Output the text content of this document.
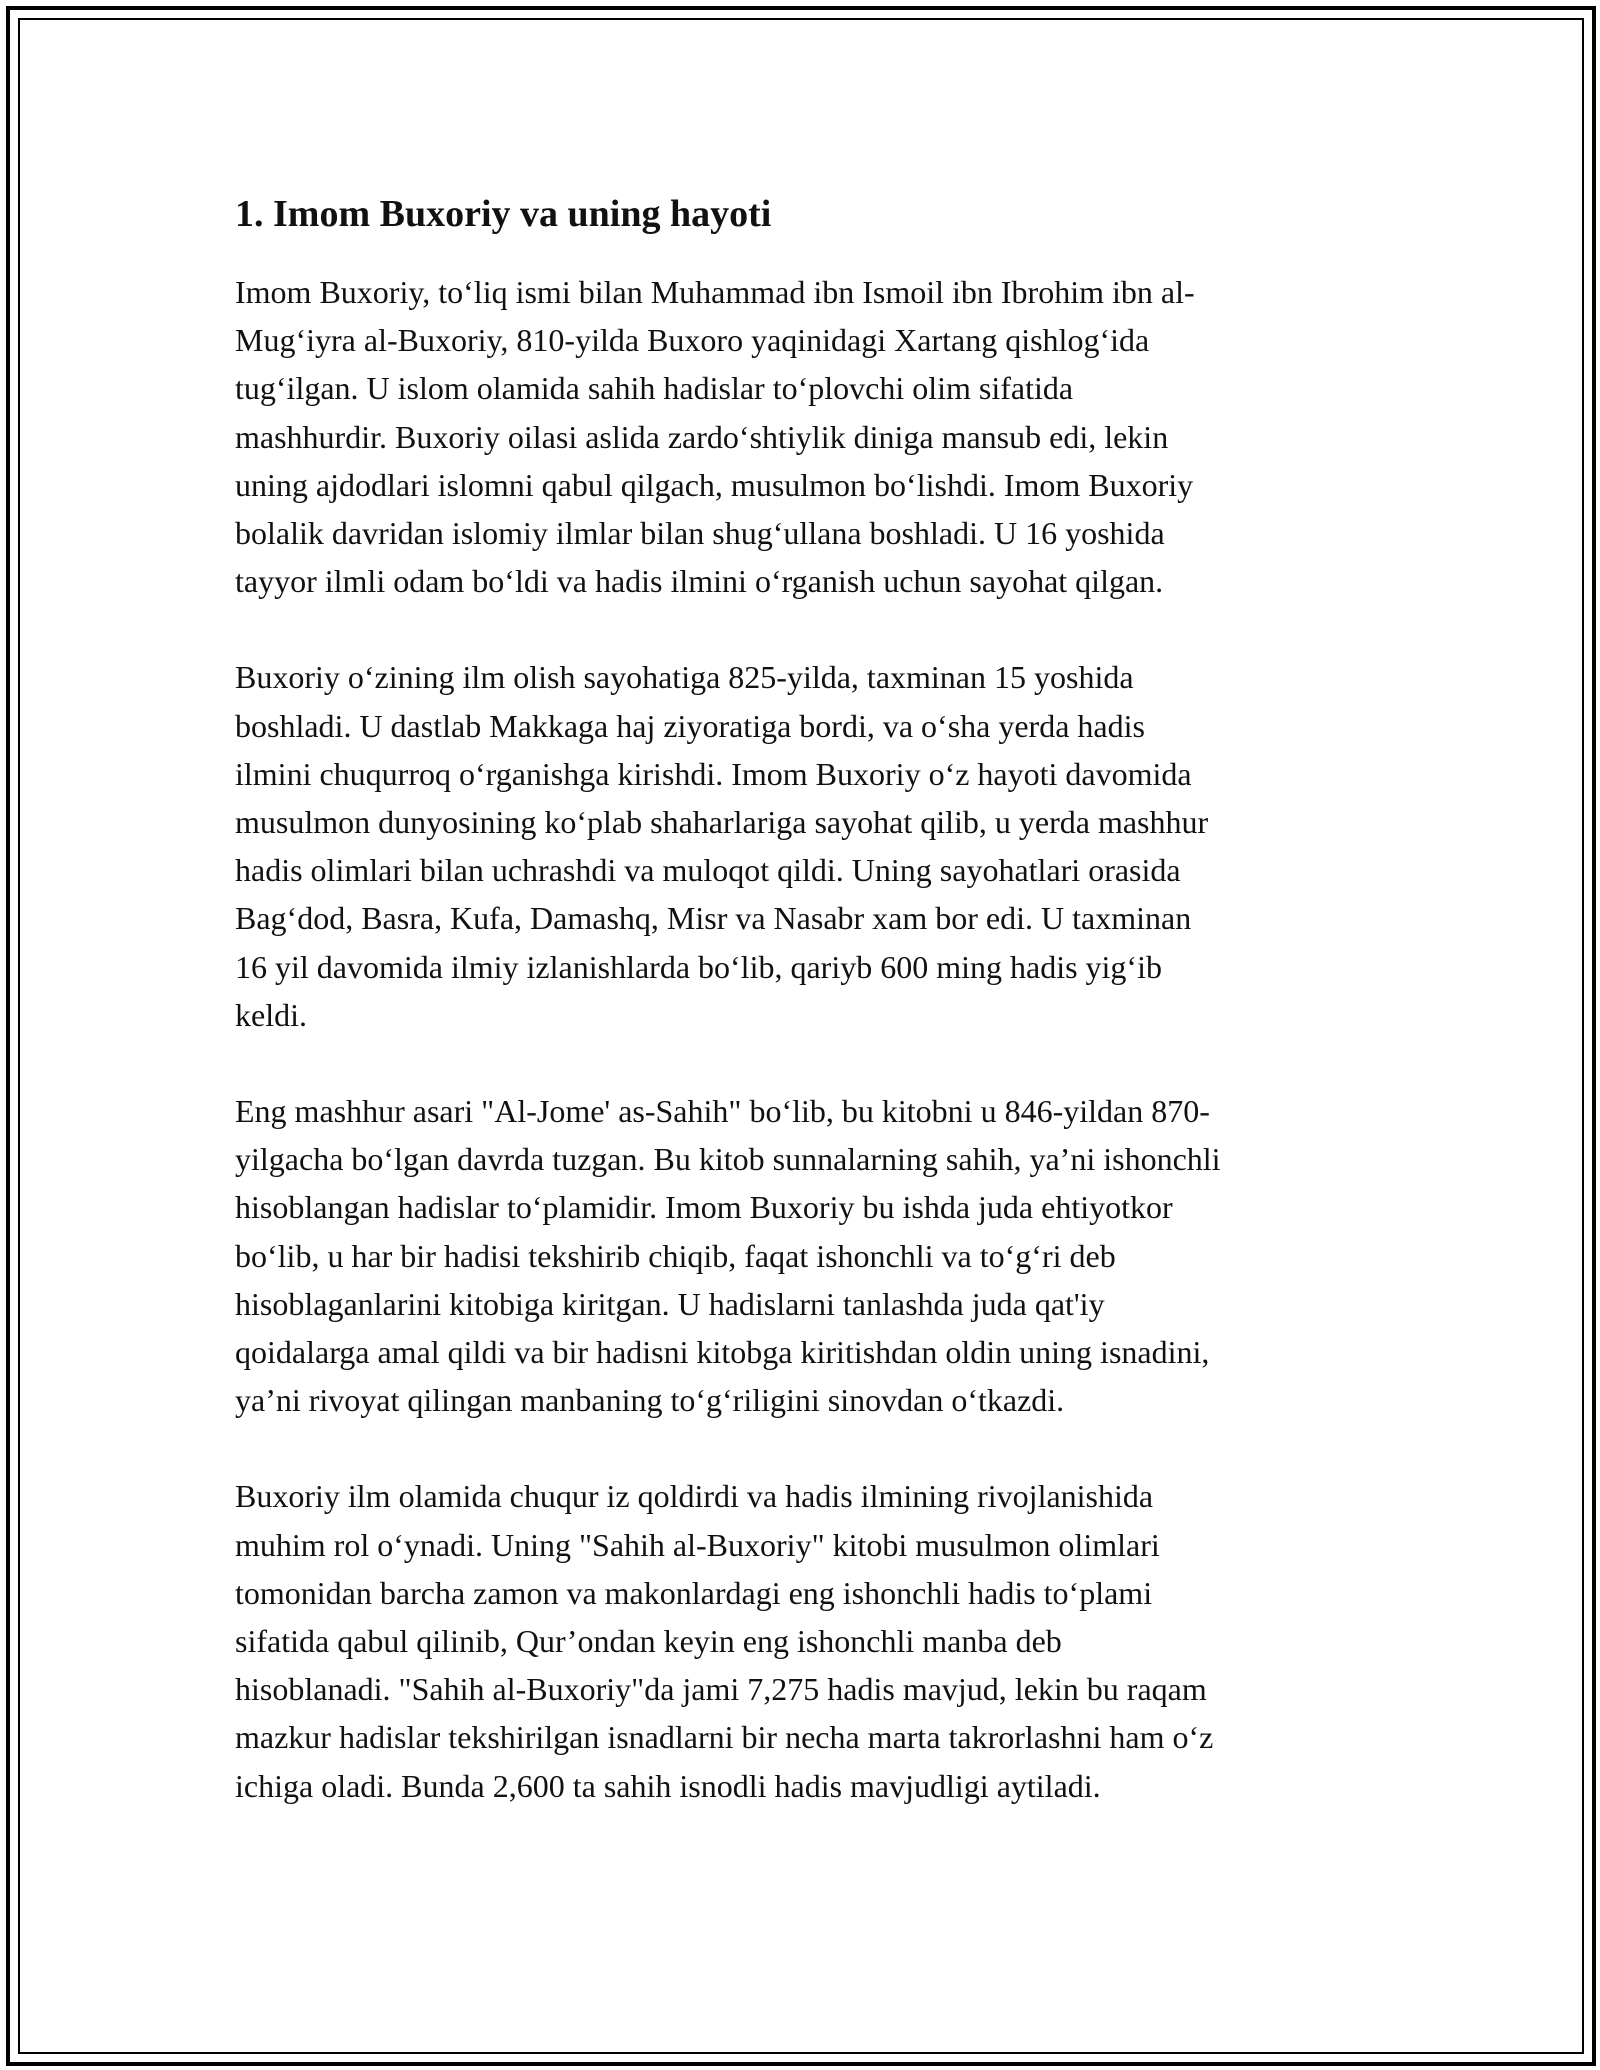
1. Imom Buxoriy va uning hayoti

Imom Buxoriy, to‘liq ismi bilan Muhammad ibn Ismoil ibn Ibrohim ibn al-
Mug‘iyra al-Buxoriy, 810-yilda Buxoro yaqinidagi Xartang qishlog‘ida
tug‘ilgan. U islom olamida sahih hadislar to‘plovchi olim sifatida
mashhurdir. Buxoriy oilasi aslida zardo‘shtiylik diniga mansub edi, lekin
uning ajdodlari islomni qabul qilgach, musulmon bo‘lishdi. Imom Buxoriy
bolalik davridan islomiy ilmlar bilan shug‘ullana boshladi. U 16 yoshida
tayyor ilmli odam bo‘ldi va hadis ilmini o‘rganish uchun sayohat qilgan.

Buxoriy o‘zining ilm olish sayohatiga 825-yilda, taxminan 15 yoshida
boshladi. U dastlab Makkaga haj ziyoratiga bordi, va o‘sha yerda hadis
ilmini chuqurroq o‘rganishga kirishdi. Imom Buxoriy o‘z hayoti davomida
musulmon dunyosining ko‘plab shaharlariga sayohat qilib, u yerda mashhur
hadis olimlari bilan uchrashdi va muloqot qildi. Uning sayohatlari orasida
Bag‘dod, Basra, Kufa, Damashq, Misr va Nasabr xam bor edi. U taxminan
16 yil davomida ilmiy izlanishlarda bo‘lib, qariyb 600 ming hadis yig‘ib
keldi.

Eng mashhur asari "Al-Jome' as-Sahih" bo‘lib, bu kitobni u 846-yildan 870-
yilgacha bo‘lgan davrda tuzgan. Bu kitob sunnalarning sahih, ya’ni ishonchli
hisoblangan hadislar to‘plamidir. Imom Buxoriy bu ishda juda ehtiyotkor
bo‘lib, u har bir hadisi tekshirib chiqib, faqat ishonchli va to‘g‘ri deb
hisoblaganlarini kitobiga kiritgan. U hadislarni tanlashda juda qat'iy
qoidalarga amal qildi va bir hadisni kitobga kiritishdan oldin uning isnadini,
ya’ni rivoyat qilingan manbaning to‘g‘riligini sinovdan o‘tkazdi.

Buxoriy ilm olamida chuqur iz qoldirdi va hadis ilmining rivojlanishida
muhim rol o‘ynadi. Uning "Sahih al-Buxoriy" kitobi musulmon olimlari
tomonidan barcha zamon va makonlardagi eng ishonchli hadis to‘plami
sifatida qabul qilinib, Qur’ondan keyin eng ishonchli manba deb
hisoblanadi. "Sahih al-Buxoriy"da jami 7,275 hadis mavjud, lekin bu raqam
mazkur hadislar tekshirilgan isnadlarni bir necha marta takrorlashni ham o‘z
ichiga oladi. Bunda 2,600 ta sahih isnodli hadis mavjudligi aytiladi.
